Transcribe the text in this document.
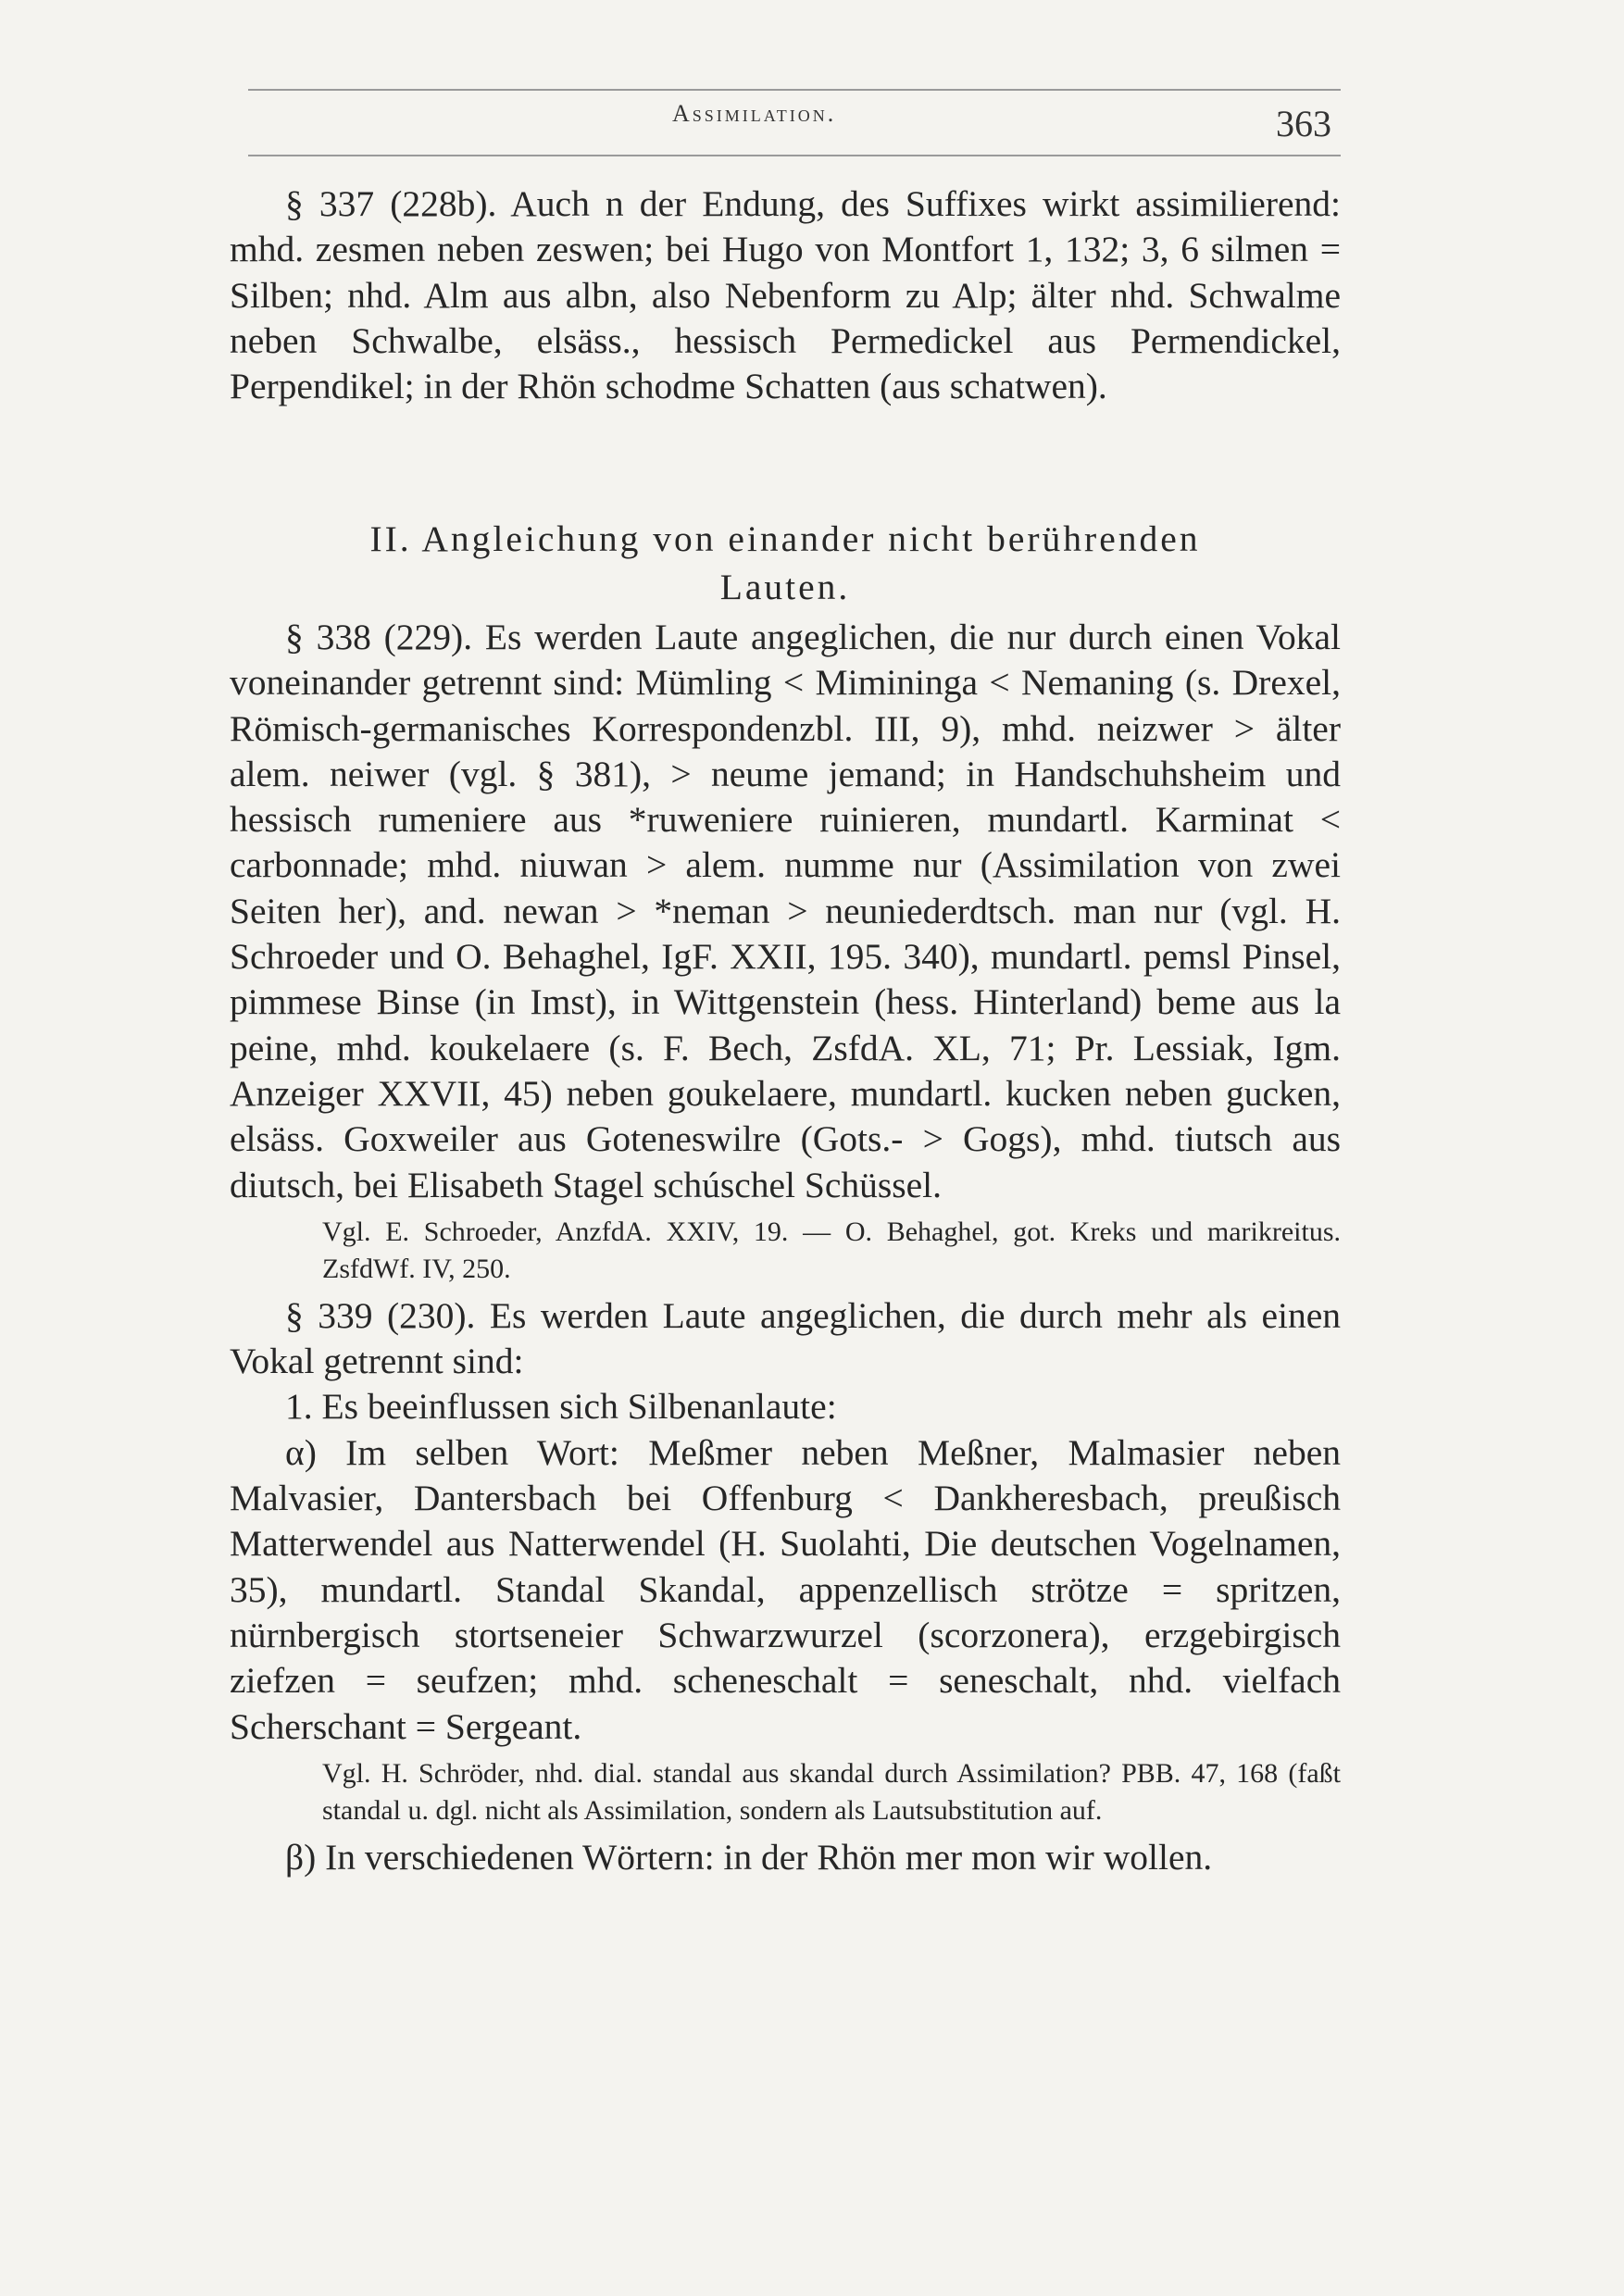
Assimilation.	363

§ 337 (228b). Auch n der Endung, des Suffixes wirkt assimilierend: mhd. zesmen neben zeswen; bei Hugo von Montfort 1, 132; 3, 6 silmen = Silben; nhd. Alm aus albn, also Nebenform zu Alp; älter nhd. Schwalme neben Schwalbe, elsäss., hessisch Permedickel aus Permendickel, Perpendikel; in der Rhön schodme Schatten (aus schatwen).

II. Angleichung von einander nicht berührenden
Lauten.

§ 338 (229). Es werden Laute angeglichen, die nur durch einen Vokal voneinander getrennt sind: Mümling < Mimininga < Nemaning (s. Drexel, Römisch-germanisches Korrespondenzbl. III, 9), mhd. neizwer > älter alem. neiwer (vgl. § 381), > neume jemand; in Handschuhsheim und hessisch rumeniere aus *ruweniere ruinieren, mundartl. Karminat < carbonnade; mhd. niuwan > alem. numme nur (Assimilation von zwei Seiten her), and. newan > *neman > neuniederdtsch. man nur (vgl. H. Schroeder und O. Behaghel, IgF. XXII, 195. 340), mundartl. pemsl Pinsel, pimmese Binse (in Imst), in Wittgenstein (hess. Hinterland) beme aus la peine, mhd. koukelaere (s. F. Bech, ZsfdA. XL, 71; Pr. Lessiak, Igm. Anzeiger XXVII, 45) neben goukelaere, mundartl. kucken neben gucken, elsäss. Goxweiler aus Goteneswilre (Gots.- > Gogs), mhd. tiutsch aus diutsch, bei Elisabeth Stagel schúschel Schüssel.

Vgl. E. Schroeder, AnzfdA. XXIV, 19. — O. Behaghel, got. Kreks und marikreitus. ZsfdWf. IV, 250.

§ 339 (230). Es werden Laute angeglichen, die durch mehr als einen Vokal getrennt sind:

1. Es beeinflussen sich Silbenanlaute:

α) Im selben Wort: Meßmer neben Meßner, Malmasier neben Malvasier, Dantersbach bei Offenburg < Dankheresbach, preußisch Matterwendel aus Natterwendel (H. Suolahti, Die deutschen Vogelnamen, 35), mundartl. Standal Skandal, appenzellisch strötze = spritzen, nürnbergisch stortseneier Schwarzwurzel (scorzonera), erzgebirgisch ziefzen = seufzen; mhd. scheneschalt = seneschalt, nhd. vielfach Scherschant = Sergeant.

Vgl. H. Schröder, nhd. dial. standal aus skandal durch Assimilation? PBB. 47, 168 (faßt standal u. dgl. nicht als Assimilation, sondern als Lautsubstitution auf.

β) In verschiedenen Wörtern: in der Rhön mer mon wir wollen.
